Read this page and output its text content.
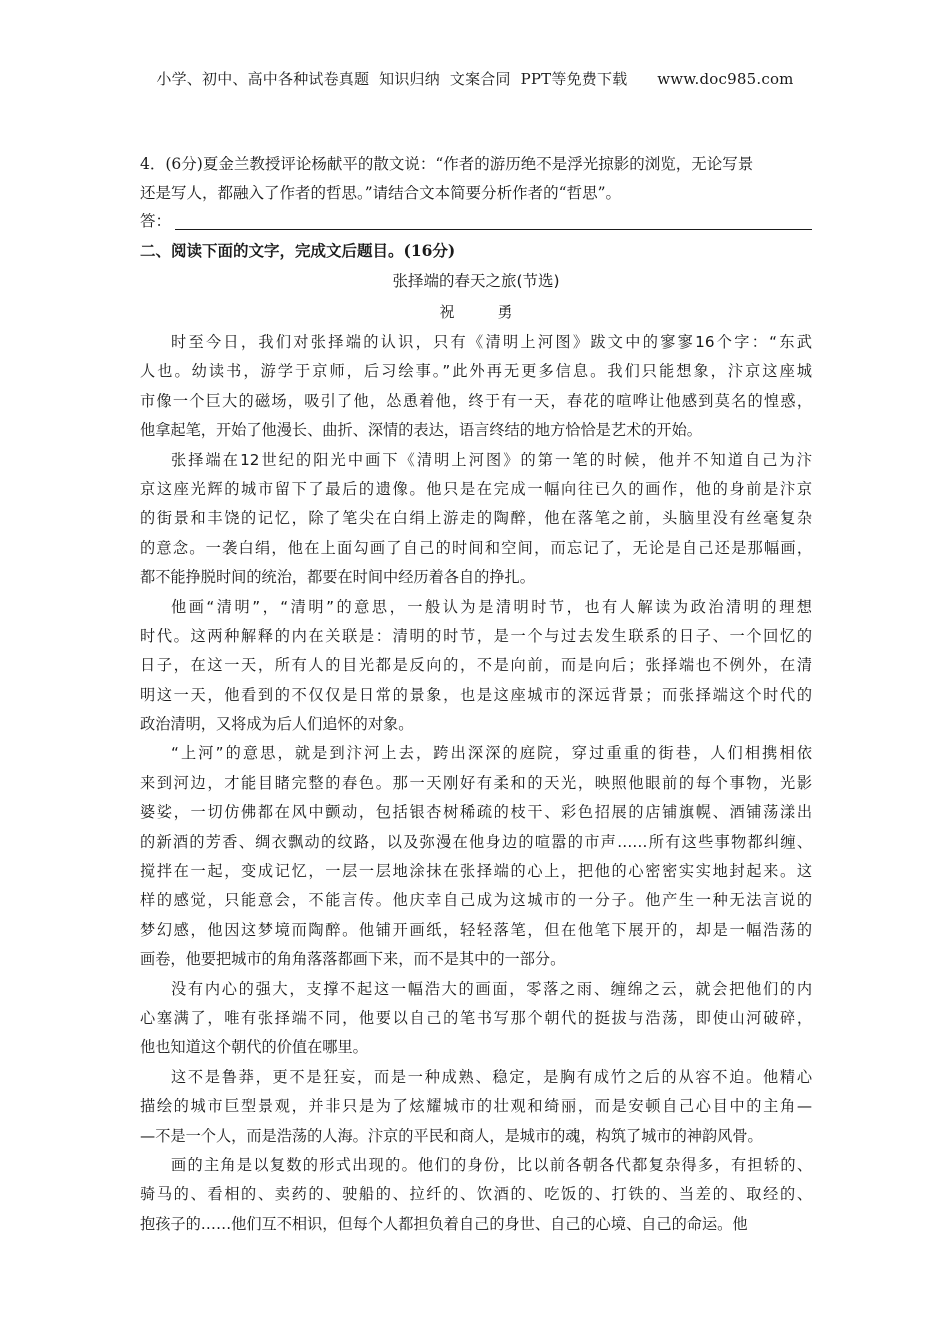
小学、初中、高中各种试卷真题  知识归纳  文案合同  PPT等免费下载      www.doc985.com
4．(6分)夏金兰教授评论杨献平的散文说：“作者的游历绝不是浮光掠影的浏览，无论写景
还是写人，都融入了作者的哲思。”请结合文本简要分析作者的“哲思”。
答：
二、阅读下面的文字，完成文后题目。(16分)
张择端的春天之旅(节选)
祝　勇
时至今日，我们对张择端的认识，只有《清明上河图》跋文中的寥寥16个字：“东武
人也。幼读书，游学于京师，后习绘事。”此外再无更多信息。我们只能想象，汴京这座城
市像一个巨大的磁场，吸引了他，怂恿着他，终于有一天，春花的喧哗让他感到莫名的惶惑，
他拿起笔，开始了他漫长、曲折、深情的表达，语言终结的地方恰恰是艺术的开始。
张择端在12世纪的阳光中画下《清明上河图》的第一笔的时候，他并不知道自己为汴
京这座光辉的城市留下了最后的遗像。他只是在完成一幅向往已久的画作，他的身前是汴京
的街景和丰饶的记忆，除了笔尖在白绢上游走的陶醉，他在落笔之前，头脑里没有丝毫复杂
的意念。一袭白绢，他在上面勾画了自己的时间和空间，而忘记了，无论是自己还是那幅画，
都不能挣脱时间的统治，都要在时间中经历着各自的挣扎。
他画“清明”，“清明”的意思，一般认为是清明时节，也有人解读为政治清明的理想
时代。这两种解释的内在关联是：清明的时节，是一个与过去发生联系的日子、一个回忆的
日子，在这一天，所有人的目光都是反向的，不是向前，而是向后；张择端也不例外，在清
明这一天，他看到的不仅仅是日常的景象，也是这座城市的深远背景；而张择端这个时代的
政治清明，又将成为后人们追怀的对象。
“上河”的意思，就是到汴河上去，跨出深深的庭院，穿过重重的街巷，人们相携相依
来到河边，才能目睹完整的春色。那一天刚好有柔和的天光，映照他眼前的每个事物，光影
婆娑，一切仿佛都在风中颤动，包括银杏树稀疏的枝干、彩色招展的店铺旗幌、酒铺荡漾出
的新酒的芳香、绸衣飘动的纹路，以及弥漫在他身边的喧嚣的市声……所有这些事物都纠缠、
搅拌在一起，变成记忆，一层一层地涂抹在张择端的心上，把他的心密密实实地封起来。这
样的感觉，只能意会，不能言传。他庆幸自己成为这城市的一分子。他产生一种无法言说的
梦幻感，他因这梦境而陶醉。他铺开画纸，轻轻落笔，但在他笔下展开的，却是一幅浩荡的
画卷，他要把城市的角角落落都画下来，而不是其中的一部分。
没有内心的强大，支撑不起这一幅浩大的画面，零落之雨、缠绵之云，就会把他们的内
心塞满了，唯有张择端不同，他要以自己的笔书写那个朝代的挺拔与浩荡，即使山河破碎，
他也知道这个朝代的价值在哪里。
这不是鲁莽，更不是狂妄，而是一种成熟、稳定，是胸有成竹之后的从容不迫。他精心
描绘的城市巨型景观，并非只是为了炫耀城市的壮观和绮丽，而是安顿自己心目中的主角—
—不是一个人，而是浩荡的人海。汴京的平民和商人，是城市的魂，构筑了城市的神韵风骨。
画的主角是以复数的形式出现的。他们的身份，比以前各朝各代都复杂得多，有担轿的、
骑马的、看相的、卖药的、驶船的、拉纤的、饮酒的、吃饭的、打铁的、当差的、取经的、
抱孩子的……他们互不相识，但每个人都担负着自己的身世、自己的心境、自己的命运。他
